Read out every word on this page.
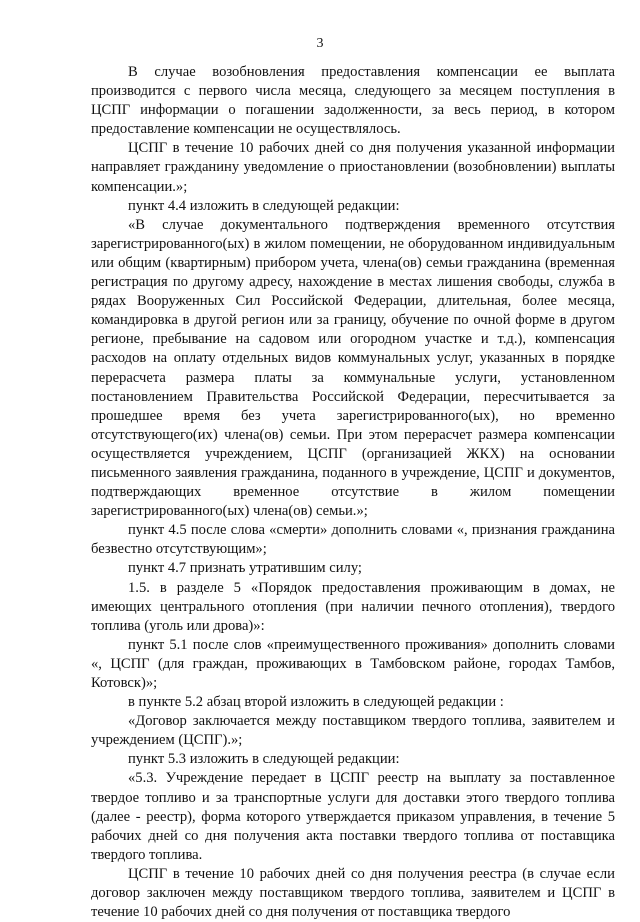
3

В случае возобновления предоставления компенсации ее выплата производится с первого числа месяца, следующего за месяцем поступления в ЦСПГ информации о погашении задолженности, за весь период, в котором предоставление компенсации не осуществлялось.

ЦСПГ в течение 10 рабочих дней со дня получения указанной информации направляет гражданину уведомление о приостановлении (возобновлении) выплаты компенсации.»;

пункт 4.4 изложить в следующей редакции:

«В случае документального подтверждения временного отсутствия зарегистрированного(ых) в жилом помещении, не оборудованном индивидуальным или общим (квартирным) прибором учета, члена(ов) семьи гражданина (временная регистрация по другому адресу, нахождение в местах лишения свободы, служба в рядах Вооруженных Сил Российской Федерации, длительная, более месяца, командировка в другой регион или за границу, обучение по очной форме в другом регионе, пребывание на садовом или огородном участке и т.д.), компенсация расходов на оплату отдельных видов коммунальных услуг, указанных в порядке перерасчета размера платы за коммунальные услуги, установленном постановлением Правительства Российской Федерации, пересчитывается за прошедшее время без учета зарегистрированного(ых), но временно отсутствующего(их) члена(ов) семьи. При этом перерасчет размера компенсации осуществляется учреждением, ЦСПГ (организацией ЖКХ) на основании письменного заявления гражданина, поданного в учреждение, ЦСПГ и документов, подтверждающих временное отсутствие в жилом помещении зарегистрированного(ых) члена(ов) семьи.»;

пункт 4.5 после слова «смерти» дополнить словами «, признания гражданина безвестно отсутствующим»;

пункт 4.7 признать утратившим силу;

1.5. в разделе 5 «Порядок предоставления проживающим в домах, не имеющих центрального отопления (при наличии печного отопления), твердого топлива (уголь или дрова)»:

пункт 5.1 после слов «преимущественного проживания» дополнить словами «, ЦСПГ (для граждан, проживающих в Тамбовском районе, городах Тамбов, Котовск)»;

в пункте 5.2 абзац второй изложить в следующей редакции :

«Договор заключается между поставщиком твердого топлива, заявителем и учреждением (ЦСПГ).»;

пункт 5.3 изложить в следующей редакции:

«5.3. Учреждение передает в ЦСПГ реестр на выплату за поставленное твердое топливо и за транспортные услуги для доставки этого твердого топлива (далее - реестр), форма которого утверждается приказом управления, в течение 5 рабочих дней со дня получения акта поставки твердого топлива от поставщика твердого топлива.

ЦСПГ в течение 10 рабочих дней со дня получения реестра (в случае если договор заключен между поставщиком твердого топлива, заявителем и ЦСПГ в течение 10 рабочих дней со дня получения от поставщика твердого
